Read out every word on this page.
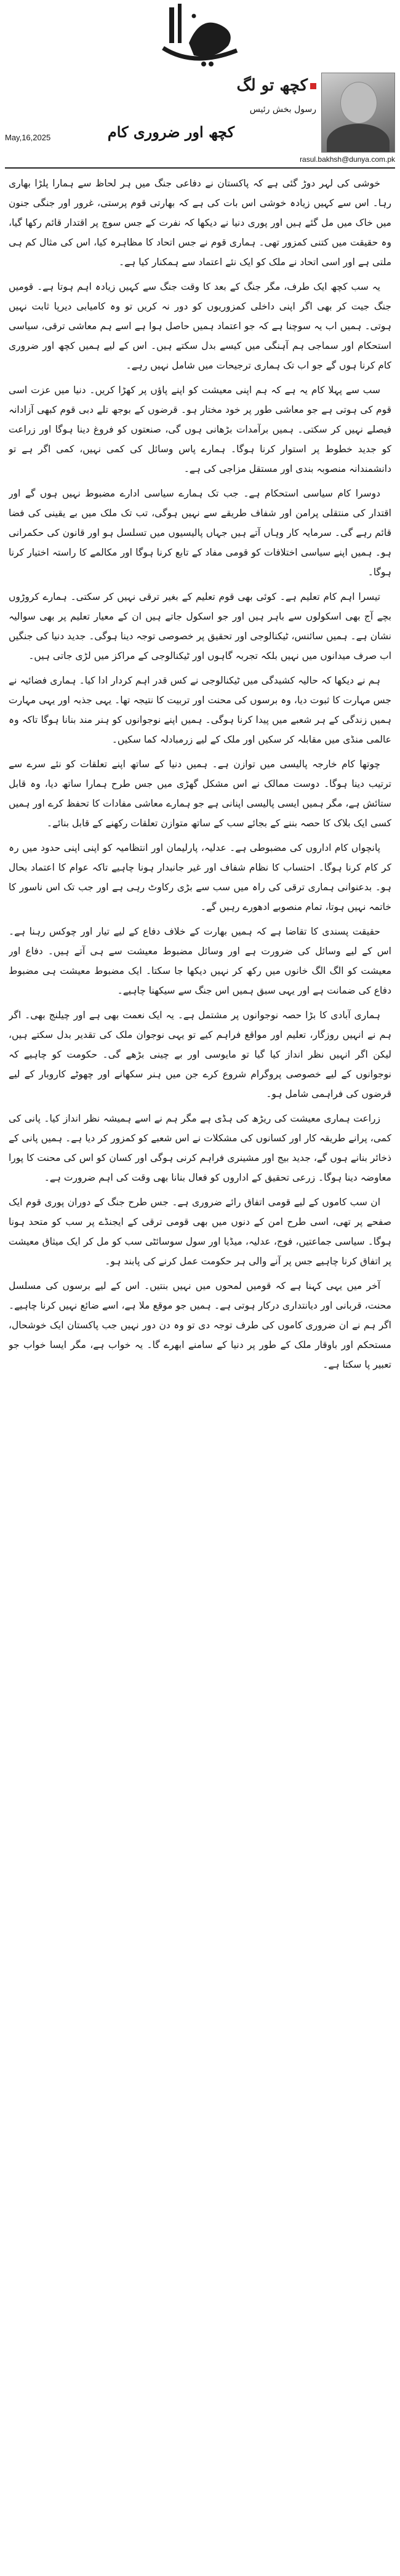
کچھ تو لگ
رسول بخش رئیس
کچھ اور ضروری کام
May,16,2025
rasul.bakhsh@dunya.com.pk

خوشی کی لہر دوڑ گئی ہے کہ پاکستان نے دفاعی جنگ میں ہر لحاظ سے ہمارا پلڑا بھاری رہا۔ اس سے کہیں زیادہ خوشی اس بات کی ہے کہ بھارتی قوم پرستی، غرور اور جنگی جنون میں خاک میں مل گئے ہیں اور پوری دنیا نے دیکھا کہ نفرت کے جس سوچ پر اقتدار قائم رکھا گیا، وہ حقیقت میں کتنی کمزور تھی۔ ہماری قوم نے جس اتحاد کا مظاہرہ کیا، اس کی مثال کم ہی ملتی ہے اور اسی اتحاد نے ملک کو ایک نئے اعتماد سے ہمکنار کیا ہے۔

یہ سب کچھ ایک طرف، مگر جنگ کے بعد کا وقت جنگ سے کہیں زیادہ اہم ہوتا ہے۔ قومیں جنگ جیت کر بھی اگر اپنی داخلی کمزوریوں کو دور نہ کریں تو وہ کامیابی دیرپا ثابت نہیں ہوتی۔ ہمیں اب یہ سوچنا ہے کہ جو اعتماد ہمیں حاصل ہوا ہے اسے ہم معاشی ترقی، سیاسی استحکام اور سماجی ہم آہنگی میں کیسے بدل سکتے ہیں۔ اس کے لیے ہمیں کچھ اور ضروری کام کرنا ہوں گے جو اب تک ہماری ترجیحات میں شامل نہیں رہے۔

سب سے پہلا کام یہ ہے کہ ہم اپنی معیشت کو اپنے پاؤں پر کھڑا کریں۔ دنیا میں عزت اسی قوم کی ہوتی ہے جو معاشی طور پر خود مختار ہو۔ قرضوں کے بوجھ تلے دبی قوم کبھی آزادانہ فیصلے نہیں کر سکتی۔ ہمیں برآمدات بڑھانی ہوں گی، صنعتوں کو فروغ دینا ہوگا اور زراعت کو جدید خطوط پر استوار کرنا ہوگا۔ ہمارے پاس وسائل کی کمی نہیں، کمی اگر ہے تو دانشمندانہ منصوبہ بندی اور مستقل مزاجی کی ہے۔

دوسرا کام سیاسی استحکام ہے۔ جب تک ہمارے سیاسی ادارے مضبوط نہیں ہوں گے اور اقتدار کی منتقلی پرامن اور شفاف طریقے سے نہیں ہوگی، تب تک ملک میں بے یقینی کی فضا قائم رہے گی۔ سرمایہ کار وہاں آتے ہیں جہاں پالیسیوں میں تسلسل ہو اور قانون کی حکمرانی ہو۔ ہمیں اپنے سیاسی اختلافات کو قومی مفاد کے تابع کرنا ہوگا اور مکالمے کا راستہ اختیار کرنا ہوگا۔

تیسرا اہم کام تعلیم ہے۔ کوئی بھی قوم تعلیم کے بغیر ترقی نہیں کر سکتی۔ ہمارے کروڑوں بچے آج بھی اسکولوں سے باہر ہیں اور جو اسکول جاتے ہیں ان کے معیار تعلیم پر بھی سوالیہ نشان ہے۔ ہمیں سائنس، ٹیکنالوجی اور تحقیق پر خصوصی توجہ دینا ہوگی۔ جدید دنیا کی جنگیں اب صرف میدانوں میں نہیں بلکہ تجربہ گاہوں اور ٹیکنالوجی کے مراکز میں لڑی جاتی ہیں۔

ہم نے دیکھا کہ حالیہ کشیدگی میں ٹیکنالوجی نے کس قدر اہم کردار ادا کیا۔ ہماری فضائیہ نے جس مہارت کا ثبوت دیا، وہ برسوں کی محنت اور تربیت کا نتیجہ تھا۔ یہی جذبہ اور یہی مہارت ہمیں زندگی کے ہر شعبے میں پیدا کرنا ہوگی۔ ہمیں اپنے نوجوانوں کو ہنر مند بنانا ہوگا تاکہ وہ عالمی منڈی میں مقابلہ کر سکیں اور ملک کے لیے زرمبادلہ کما سکیں۔

چوتھا کام خارجہ پالیسی میں توازن ہے۔ ہمیں دنیا کے ساتھ اپنے تعلقات کو نئے سرے سے ترتیب دینا ہوگا۔ دوست ممالک نے اس مشکل گھڑی میں جس طرح ہمارا ساتھ دیا، وہ قابل ستائش ہے، مگر ہمیں ایسی پالیسی اپنانی ہے جو ہمارے معاشی مفادات کا تحفظ کرے اور ہمیں کسی ایک بلاک کا حصہ بننے کے بجائے سب کے ساتھ متوازن تعلقات رکھنے کے قابل بنائے۔

پانچواں کام اداروں کی مضبوطی ہے۔ عدلیہ، پارلیمان اور انتظامیہ کو اپنی اپنی حدود میں رہ کر کام کرنا ہوگا۔ احتساب کا نظام شفاف اور غیر جانبدار ہونا چاہیے تاکہ عوام کا اعتماد بحال ہو۔ بدعنوانی ہماری ترقی کی راہ میں سب سے بڑی رکاوٹ رہی ہے اور جب تک اس ناسور کا خاتمہ نہیں ہوتا، تمام منصوبے ادھورے رہیں گے۔

حقیقت پسندی کا تقاضا ہے کہ ہمیں بھارت کے خلاف دفاع کے لیے تیار اور چوکس رہنا ہے۔ اس کے لیے وسائل کی ضرورت ہے اور وسائل مضبوط معیشت سے ہی آتے ہیں۔ دفاع اور معیشت کو الگ الگ خانوں میں رکھ کر نہیں دیکھا جا سکتا۔ ایک مضبوط معیشت ہی مضبوط دفاع کی ضمانت ہے اور یہی سبق ہمیں اس جنگ سے سیکھنا چاہیے۔

ہماری آبادی کا بڑا حصہ نوجوانوں پر مشتمل ہے۔ یہ ایک نعمت بھی ہے اور چیلنج بھی۔ اگر ہم نے انہیں روزگار، تعلیم اور مواقع فراہم کیے تو یہی نوجوان ملک کی تقدیر بدل سکتے ہیں، لیکن اگر انہیں نظر انداز کیا گیا تو مایوسی اور بے چینی بڑھے گی۔ حکومت کو چاہیے کہ نوجوانوں کے لیے خصوصی پروگرام شروع کرے جن میں ہنر سکھانے اور چھوٹے کاروبار کے لیے قرضوں کی فراہمی شامل ہو۔

زراعت ہماری معیشت کی ریڑھ کی ہڈی ہے مگر ہم نے اسے ہمیشہ نظر انداز کیا۔ پانی کی کمی، پرانے طریقہ کار اور کسانوں کی مشکلات نے اس شعبے کو کمزور کر دیا ہے۔ ہمیں پانی کے ذخائر بنانے ہوں گے، جدید بیج اور مشینری فراہم کرنی ہوگی اور کسان کو اس کی محنت کا پورا معاوضہ دینا ہوگا۔ زرعی تحقیق کے اداروں کو فعال بنانا بھی وقت کی اہم ضرورت ہے۔

ان سب کاموں کے لیے قومی اتفاق رائے ضروری ہے۔ جس طرح جنگ کے دوران پوری قوم ایک صفحے پر تھی، اسی طرح امن کے دنوں میں بھی قومی ترقی کے ایجنڈے پر سب کو متحد ہونا ہوگا۔ سیاسی جماعتیں، فوج، عدلیہ، میڈیا اور سول سوسائٹی سب کو مل کر ایک میثاق معیشت پر اتفاق کرنا چاہیے جس پر آنے والی ہر حکومت عمل کرنے کی پابند ہو۔

آخر میں یہی کہنا ہے کہ قومیں لمحوں میں نہیں بنتیں۔ اس کے لیے برسوں کی مسلسل محنت، قربانی اور دیانتداری درکار ہوتی ہے۔ ہمیں جو موقع ملا ہے، اسے ضائع نہیں کرنا چاہیے۔ اگر ہم نے ان ضروری کاموں کی طرف توجہ دی تو وہ دن دور نہیں جب پاکستان ایک خوشحال، مستحکم اور باوقار ملک کے طور پر دنیا کے سامنے ابھرے گا۔ یہ خواب ہے، مگر ایسا خواب جو تعبیر پا سکتا ہے۔
